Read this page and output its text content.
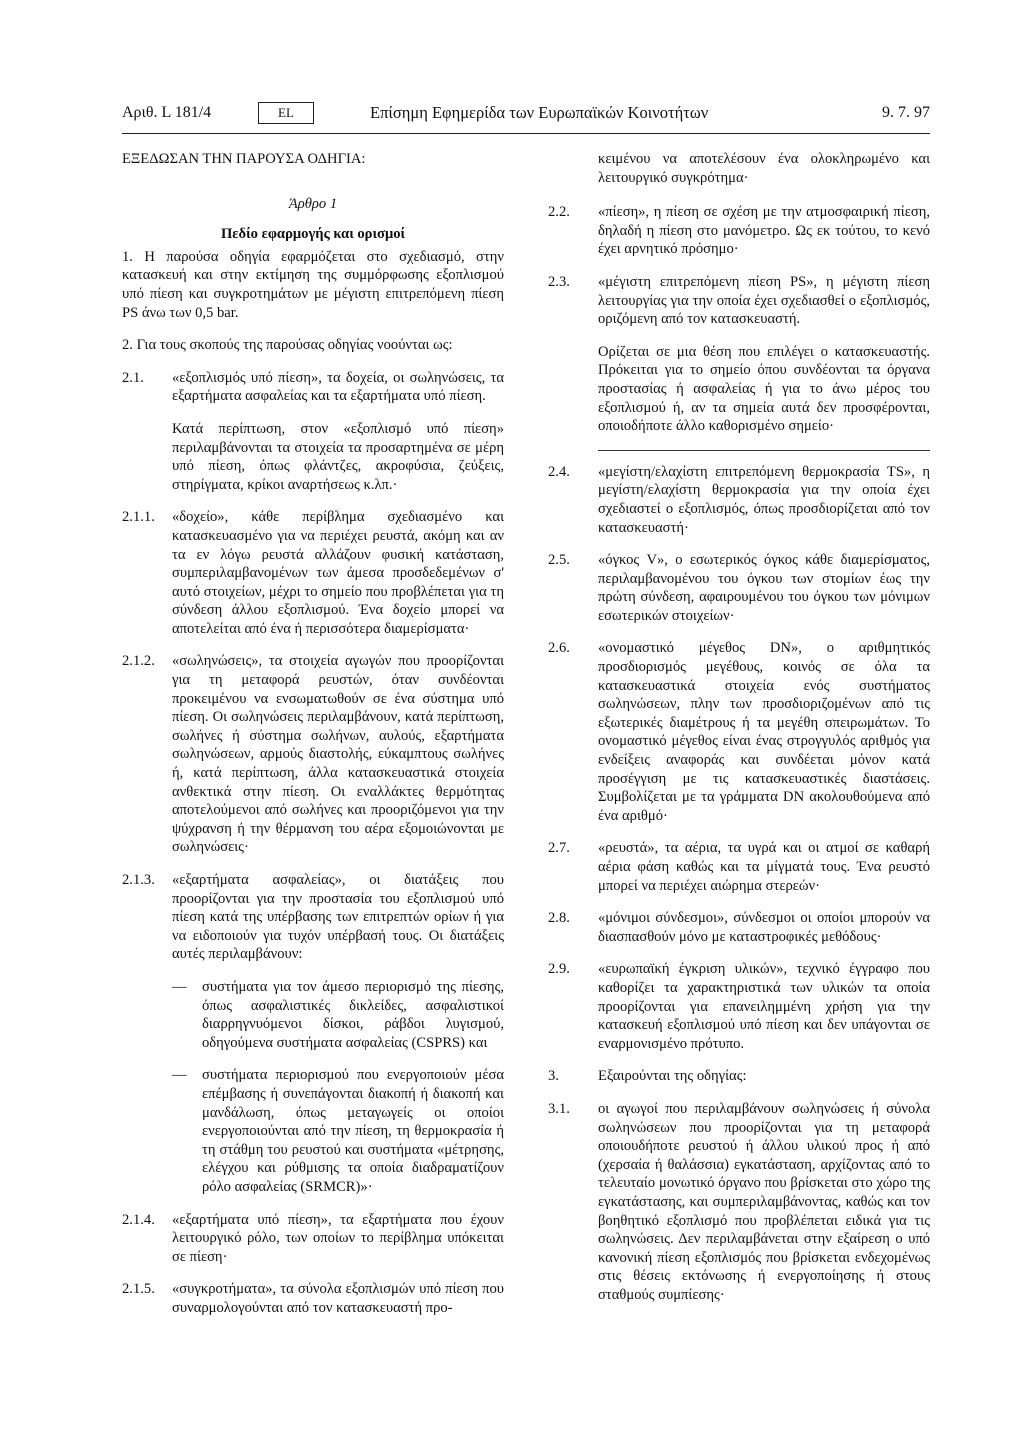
Αριθ. L 181/4	EL	Επίσημη Εφημερίδα των Ευρωπαϊκών Κοινοτήτων	9. 7. 97

ΕΞΕΔΩΣΑΝ ΤΗΝ ΠΑΡΟΥΣΑ ΟΔΗΓΙΑ:

Άρθρο 1

Πεδίο εφαρμογής και ορισμοί

1. Η παρούσα οδηγία εφαρμόζεται στο σχεδιασμό, στην κατασκευή και στην εκτίμηση της συμμόρφωσης εξοπλισμού υπό πίεση και συγκροτημάτων με μέγιστη επιτρεπόμενη πίεση PS άνω των 0,5 bar.

2. Για τους σκοπούς της παρούσας οδηγίας νοούνται ως:

2.1.	«εξοπλισμός υπό πίεση», τα δοχεία, οι σωληνώσεις, τα εξαρτήματα ασφαλείας και τα εξαρτήματα υπό πίεση.

Κατά περίπτωση, στον «εξοπλισμό υπό πίεση» περιλαμβάνονται τα στοιχεία τα προσαρτημένα σε μέρη υπό πίεση, όπως φλάντζες, ακροφύσια, ζεύξεις, στηρίγματα, κρίκοι αναρτήσεως κ.λπ.·

2.1.1.	«δοχείο», κάθε περίβλημα σχεδιασμένο και κατασκευασμένο για να περιέχει ρευστά, ακόμη και αν τα εν λόγω ρευστά αλλάζουν φυσική κατάσταση, συμπεριλαμβανομένων των άμεσα προσδεδεμένων σ' αυτό στοιχείων, μέχρι το σημείο που προβλέπεται για τη σύνδεση άλλου εξοπλισμού. Ένα δοχείο μπορεί να αποτελείται από ένα ή περισσότερα διαμερίσματα·
2.1.2.	«σωληνώσεις», τα στοιχεία αγωγών που προορίζονται για τη μεταφορά ρευστών, όταν συνδέονται προκειμένου να ενσωματωθούν σε ένα σύστημα υπό πίεση. Οι σωληνώσεις περιλαμβάνουν, κατά περίπτωση, σωλήνες ή σύστημα σωλήνων, αυλούς, εξαρτήματα σωληνώσεων, αρμούς διαστολής, εύκαμπτους σωλήνες ή, κατά περίπτωση, άλλα κατασκευαστικά στοιχεία ανθεκτικά στην πίεση. Οι εναλλάκτες θερμότητας αποτελούμενοι από σωλήνες και προοριζόμενοι για την ψύχρανση ή την θέρμανση του αέρα εξομοιώνονται με σωληνώσεις·
2.1.3.	«εξαρτήματα ασφαλείας», οι διατάξεις που προορίζονται για την προστασία του εξοπλισμού υπό πίεση κατά της υπέρβασης των επιτρεπτών ορίων ή για να ειδοποιούν για τυχόν υπέρβασή τους. Οι διατάξεις αυτές περιλαμβάνουν:
—	συστήματα για τον άμεσο περιορισμό της πίεσης, όπως ασφαλιστικές δικλείδες, ασφαλιστικοί διαρρηγνυόμενοι δίσκοι, ράβδοι λυγισμού, οδηγούμενα συστήματα ασφαλείας (CSPRS) και
—	συστήματα περιορισμού που ενεργοποιούν μέσα επέμβασης ή συνεπάγονται διακοπή ή διακοπή και μανδάλωση, όπως μεταγωγείς οι οποίοι ενεργοποιούνται από την πίεση, τη θερμοκρασία ή τη στάθμη του ρευστού και συστήματα «μέτρησης, ελέγχου και ρύθμισης τα οποία διαδραματίζουν ρόλο ασφαλείας (SRMCR)»·
2.1.4.	«εξαρτήματα υπό πίεση», τα εξαρτήματα που έχουν λειτουργικό ρόλο, των οποίων το περίβλημα υπόκειται σε πίεση·
2.1.5.	«συγκροτήματα», τα σύνολα εξοπλισμών υπό πίεση που συναρμολογούνται από τον κατασκευαστή προ-

κειμένου να αποτελέσουν ένα ολοκληρωμένο και λειτουργικό συγκρότημα·

2.2.	«πίεση», η πίεση σε σχέση με την ατμοσφαιρική πίεση, δηλαδή η πίεση στο μανόμετρο. Ως εκ τούτου, το κενό έχει αρνητικό πρόσημο·
2.3.	«μέγιστη επιτρεπόμενη πίεση PS», η μέγιστη πίεση λειτουργίας για την οποία έχει σχεδιασθεί ο εξοπλισμός, οριζόμενη από τον κατασκευαστή.

Ορίζεται σε μια θέση που επιλέγει ο κατασκευαστής. Πρόκειται για το σημείο όπου συνδέονται τα όργανα προστασίας ή ασφαλείας ή για το άνω μέρος του εξοπλισμού ή, αν τα σημεία αυτά δεν προσφέρονται, οποιοδήποτε άλλο καθορισμένο σημείο·

2.4.	«μεγίστη/ελαχίστη επιτρεπόμενη θερμοκρασία TS», η μεγίστη/ελαχίστη θερμοκρασία για την οποία έχει σχεδιαστεί ο εξοπλισμός, όπως προσδιορίζεται από τον κατασκευαστή·
2.5.	«όγκος V», ο εσωτερικός όγκος κάθε διαμερίσματος, περιλαμβανομένου του όγκου των στομίων έως την πρώτη σύνδεση, αφαιρουμένου του όγκου των μόνιμων εσωτερικών στοιχείων·
2.6.	«ονομαστικό μέγεθος DN», ο αριθμητικός προσδιορισμός μεγέθους, κοινός σε όλα τα κατασκευαστικά στοιχεία ενός συστήματος σωληνώσεων, πλην των προσδιοριζομένων από τις εξωτερικές διαμέτρους ή τα μεγέθη σπειρωμάτων. Το ονομαστικό μέγεθος είναι ένας στρογγυλός αριθμός για ενδείξεις αναφοράς και συνδέεται μόνον κατά προσέγγιση με τις κατασκευαστικές διαστάσεις. Συμβολίζεται με τα γράμματα DN ακολουθούμενα από ένα αριθμό·
2.7.	«ρευστά», τα αέρια, τα υγρά και οι ατμοί σε καθαρή αέρια φάση καθώς και τα μίγματά τους. Ένα ρευστό μπορεί να περιέχει αιώρημα στερεών·
2.8.	«μόνιμοι σύνδεσμοι», σύνδεσμοι οι οποίοι μπορούν να διασπασθούν μόνο με καταστροφικές μεθόδους·
2.9.	«ευρωπαϊκή έγκριση υλικών», τεχνικό έγγραφο που καθορίζει τα χαρακτηριστικά των υλικών τα οποία προορίζονται για επανειλημμένη χρήση για την κατασκευή εξοπλισμού υπό πίεση και δεν υπάγονται σε εναρμονισμένο πρότυπο.
3.	Εξαιρούνται της οδηγίας:
3.1.	οι αγωγοί που περιλαμβάνουν σωληνώσεις ή σύνολα σωληνώσεων που προορίζονται για τη μεταφορά οποιουδήποτε ρευστού ή άλλου υλικού προς ή από (χερσαία ή θαλάσσια) εγκατάσταση, αρχίζοντας από το τελευταίο μονωτικό όργανο που βρίσκεται στο χώρο της εγκατάστασης, και συμπεριλαμβάνοντας, καθώς και τον βοηθητικό εξοπλισμό που προβλέπεται ειδικά για τις σωληνώσεις. Δεν περιλαμβάνεται στην εξαίρεση ο υπό κανονική πίεση εξοπλισμός που βρίσκεται ενδεχομένως στις θέσεις εκτόνωσης ή ενεργοποίησης ή στους σταθμούς συμπίεσης·
